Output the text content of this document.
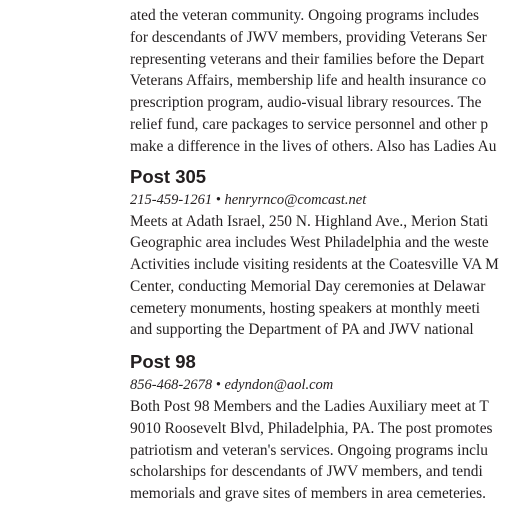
ated the veteran community. Ongoing programs includes
for descendants of JWV members, providing Veterans Ser
representing veterans and their families before the Depart
Veterans Affairs, membership life and health insurance co
prescription program, audio-visual library resources. The
relief fund, care packages to service personnel and other p
make a difference in the lives of others. Also has Ladies Au
Post 305
215-459-1261 • henryrnco@comcast.net
Meets at Adath Israel, 250 N. Highland Ave., Merion Stati
Geographic area includes West Philadelphia and the weste
Activities include visiting residents at the Coatesville VA M
Center, conducting Memorial Day ceremonies at Delawar
cemetery monuments, hosting speakers at monthly meeti
and supporting the Department of PA and JWV national
Post 98
856-468-2678 • edyndon@aol.com
Both Post 98 Members and the Ladies Auxiliary meet at T
9010 Roosevelt Blvd, Philadelphia, PA. The post promotes
patriotism and veteran's services. Ongoing programs inclu
scholarships for descendants of JWV members, and tendi
memorials and grave sites of members in area cemeteries.
